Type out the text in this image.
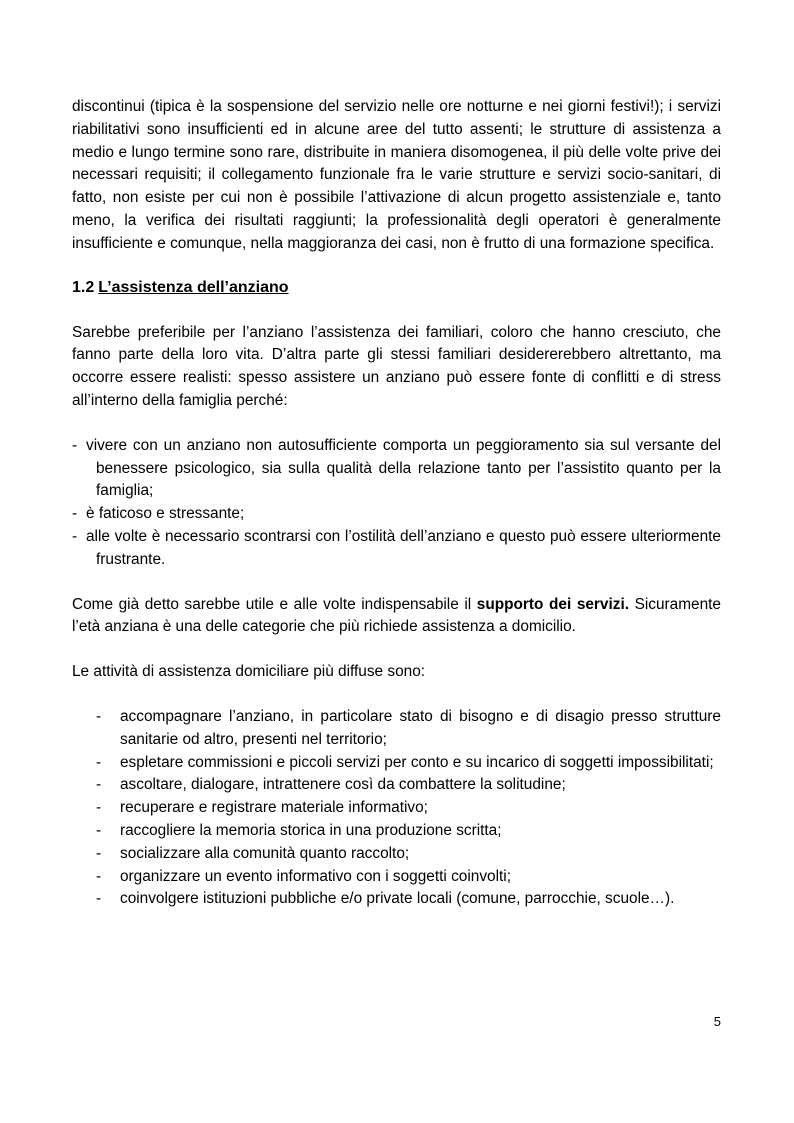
discontinui (tipica è la sospensione del servizio nelle ore notturne e nei giorni festivi!); i servizi riabilitativi sono insufficienti ed in alcune aree del tutto assenti; le strutture di assistenza a medio e lungo termine sono rare, distribuite in maniera disomogenea, il più delle volte prive dei necessari requisiti; il collegamento funzionale fra le varie strutture e servizi socio-sanitari, di fatto, non esiste per cui non è possibile l’attivazione di alcun progetto assistenziale e, tanto meno, la verifica dei risultati raggiunti; la professionalità degli operatori è generalmente insufficiente e comunque, nella maggioranza dei casi, non è frutto di una formazione specifica.

1.2 L’assistenza dell’anziano

Sarebbe preferibile per l’anziano l’assistenza dei familiari, coloro che hanno cresciuto, che fanno parte della loro vita. D’altra parte gli stessi familiari desidererebbero altrettanto, ma occorre essere realisti: spesso assistere un anziano può essere fonte di conflitti e di stress all’interno della famiglia perché:

- vivere con un anziano non autosufficiente comporta un peggioramento sia sul versante del benessere psicologico, sia sulla qualità della relazione tanto per l’assistito quanto per la famiglia;
- è faticoso e stressante;
- alle volte è necessario scontrarsi con l’ostilità dell’anziano e questo può essere ulteriormente frustrante.

Come già detto sarebbe utile e alle volte indispensabile il supporto dei servizi. Sicuramente l’età anziana è una delle categorie che più richiede assistenza a domicilio.

Le attività di assistenza domiciliare più diffuse sono:

- accompagnare l’anziano, in particolare stato di bisogno e di disagio presso strutture sanitarie od altro, presenti nel territorio;
- espletare commissioni e piccoli servizi per conto e su incarico di soggetti impossibilitati;
- ascoltare, dialogare, intrattenere così da combattere la solitudine;
- recuperare e registrare materiale informativo;
- raccogliere la memoria storica in una produzione scritta;
- socializzare alla comunità quanto raccolto;
- organizzare un evento informativo con i soggetti coinvolti;
- coinvolgere istituzioni pubbliche e/o private locali (comune, parrocchie, scuole…).
5
